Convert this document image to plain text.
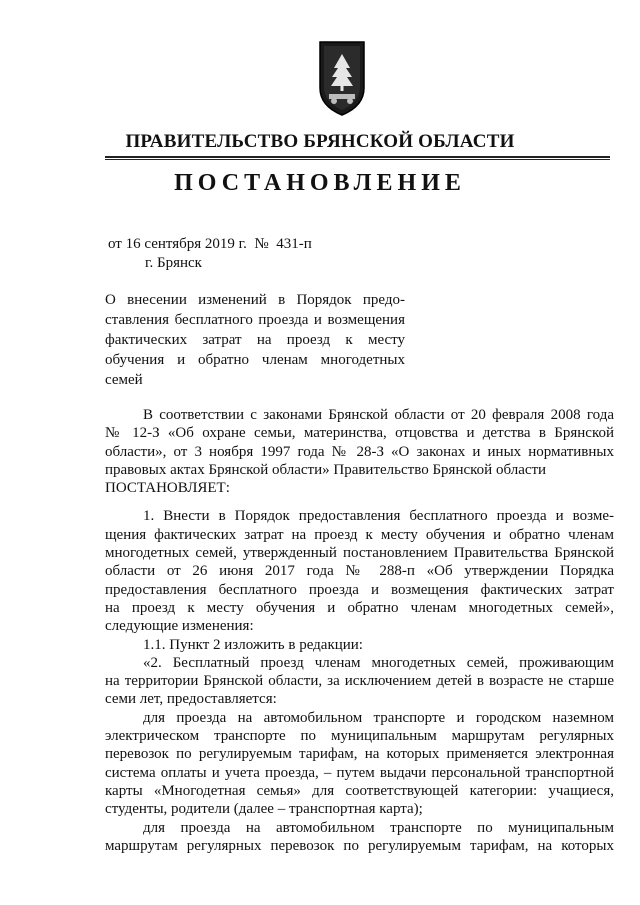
ПРАВИТЕЛЬСТВО БРЯНСКОЙ ОБЛАСТИ
ПОСТАНОВЛЕНИЕ
от 16 сентября 2019 г.  №  431-п
г. Брянск
О внесении изменений в Порядок предо-
ставления бесплатного проезда и возмещения
фактических затрат на проезд к месту
обучения и обратно членам многодетных
семей
В соответствии с законами Брянской области от 20 февраля 2008 года
№ 12-З «Об охране семьи, материнства, отцовства и детства в Брянской
области», от 3 ноября 1997 года № 28-З «О законах и иных нормативных
правовых актах Брянской области» Правительство Брянской области
ПОСТАНОВЛЯЕТ:
1. Внести в Порядок предоставления бесплатного проезда и возме-
щения фактических затрат на проезд к месту обучения и обратно членам
многодетных семей, утвержденный постановлением Правительства Брянской
области от 26 июня 2017 года № 288-п «Об утверждении Порядка
предоставления бесплатного проезда и возмещения фактических затрат
на проезд к месту обучения и обратно членам многодетных семей»,
следующие изменения:
1.1. Пункт 2 изложить в редакции:
«2. Бесплатный проезд членам многодетных семей, проживающим
на территории Брянской области, за исключением детей в возрасте не старше
семи лет, предоставляется:
для проезда на автомобильном транспорте и городском наземном
электрическом транспорте по муниципальным маршрутам регулярных
перевозок по регулируемым тарифам, на которых применяется электронная
система оплаты и учета проезда, – путем выдачи персональной транспортной
карты «Многодетная семья» для соответствующей категории: учащиеся,
студенты, родители (далее – транспортная карта);
для проезда на автомобильном транспорте по муниципальным
маршрутам регулярных перевозок по регулируемым тарифам, на которых
